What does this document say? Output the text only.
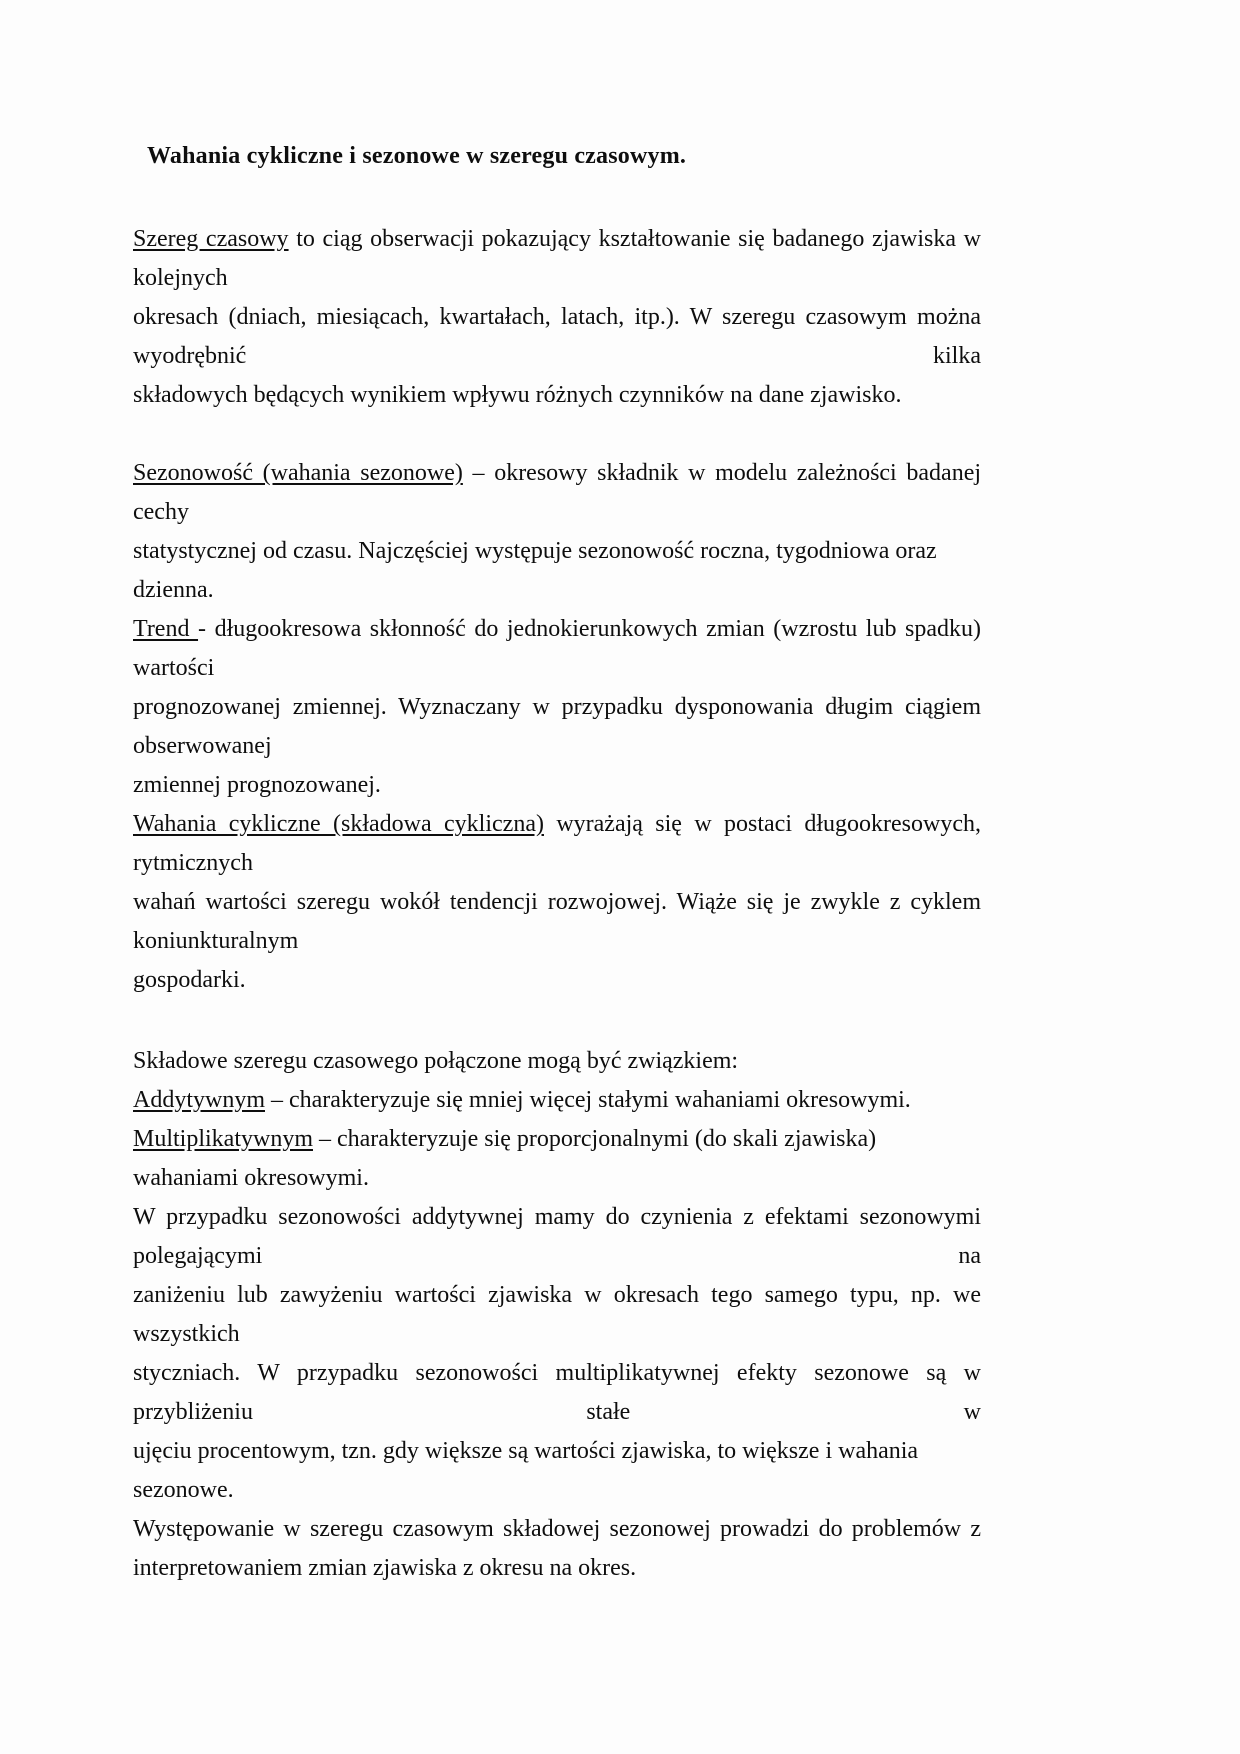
Wahania cykliczne i sezonowe w szeregu czasowym.
Szereg czasowy to ciąg obserwacji pokazujący kształtowanie się badanego zjawiska w kolejnych
okresach (dniach, miesiącach, kwartałach, latach, itp.). W szeregu czasowym można wyodrębnić kilka
składowych będących wynikiem wpływu różnych czynników na dane zjawisko.
Sezonowość (wahania sezonowe) – okresowy składnik w modelu zależności badanej cechy
statystycznej od czasu. Najczęściej występuje sezonowość roczna, tygodniowa oraz dzienna.
Trend - długookresowa skłonność do jednokierunkowych zmian (wzrostu lub spadku) wartości
prognozowanej zmiennej. Wyznaczany w przypadku dysponowania długim ciągiem obserwowanej
zmiennej prognozowanej.
Wahania cykliczne (składowa cykliczna) wyrażają się w postaci długookresowych, rytmicznych
wahań wartości szeregu wokół tendencji rozwojowej. Wiąże się je zwykle z cyklem koniunkturalnym
gospodarki.
Składowe szeregu czasowego połączone mogą być związkiem:
Addytywnym – charakteryzuje się mniej więcej stałymi wahaniami okresowymi.
Multiplikatywnym – charakteryzuje się proporcjonalnymi (do skali zjawiska) wahaniami okresowymi.
W przypadku sezonowości addytywnej mamy do czynienia z efektami sezonowymi polegającymi na
zaniżeniu lub zawyżeniu wartości zjawiska w okresach tego samego typu, np. we wszystkich
styczniach. W przypadku sezonowości multiplikatywnej efekty sezonowe są w przybliżeniu stałe w
ujęciu procentowym, tzn. gdy większe są wartości zjawiska, to większe i wahania sezonowe.
Występowanie w szeregu czasowym składowej sezonowej prowadzi do problemów z
interpretowaniem zmian zjawiska z okresu na okres.
